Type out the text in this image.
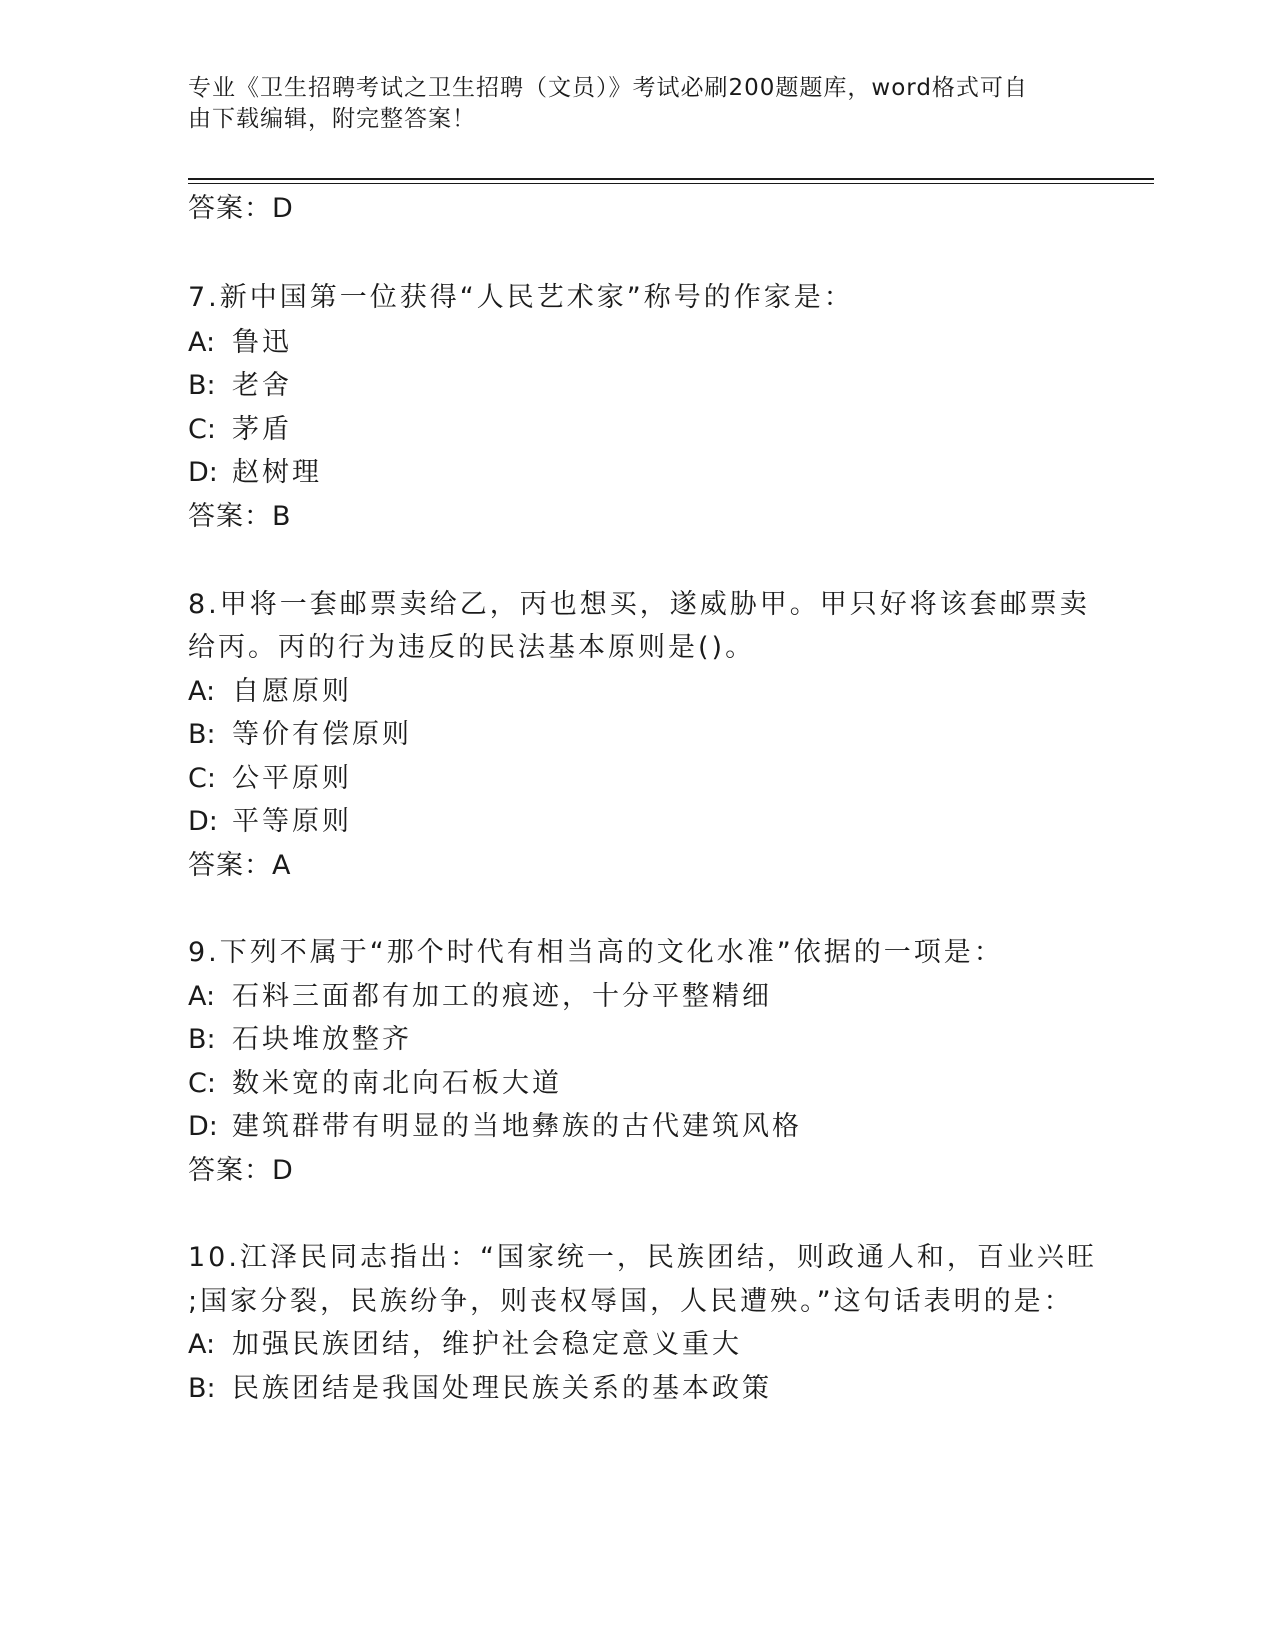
专业《卫生招聘考试之卫生招聘（文员）》考试必刷200题题库，word格式可自
由下载编辑，附完整答案！
答案：D
7.新中国第一位获得“人民艺术家”称号的作家是：
A: 鲁迅
B: 老舍
C: 茅盾
D: 赵树理
答案：B
8.甲将一套邮票卖给乙，丙也想买，遂威胁甲。甲只好将该套邮票卖
给丙。丙的行为违反的民法基本原则是()。
A: 自愿原则
B: 等价有偿原则
C: 公平原则
D: 平等原则
答案：A
9.下列不属于“那个时代有相当高的文化水准”依据的一项是：
A: 石料三面都有加工的痕迹，十分平整精细
B: 石块堆放整齐
C: 数米宽的南北向石板大道
D: 建筑群带有明显的当地彝族的古代建筑风格
答案：D
10.江泽民同志指出：“国家统一，民族团结，则政通人和，百业兴旺
;国家分裂，民族纷争，则丧权辱国，人民遭殃。”这句话表明的是：
A: 加强民族团结，维护社会稳定意义重大
B: 民族团结是我国处理民族关系的基本政策
